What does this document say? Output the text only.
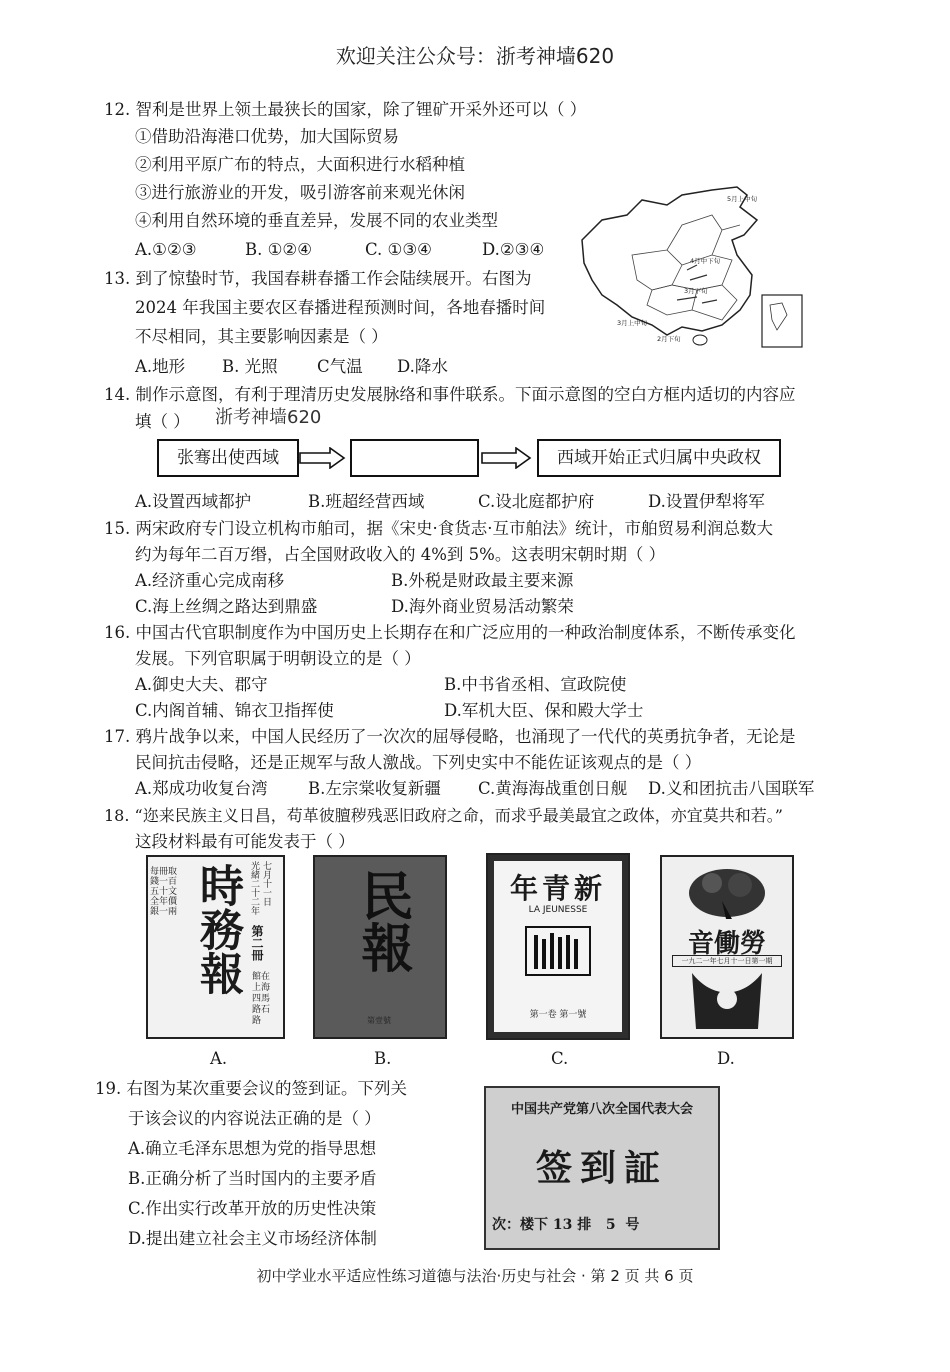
欢迎关注公众号：浙考神墙620
12. 智利是世界上领土最狭长的国家，除了锂矿开采外还可以（ ）
①借助沿海港口优势，加大国际贸易
②利用平原广布的特点，大面积进行水稻种植
③进行旅游业的开发，吸引游客前来观光休闲
④利用自然环境的垂直差异，发展不同的农业类型
A.①②③	B. ①②④	C. ①③④	D.②③④
5月上中旬
4月中下旬
3月下旬
3月上中旬
2月下旬
13. 到了惊蛰时节，我国春耕春播工作会陆续展开。右图为
2024 年我国主要农区春播进程预测时间，各地春播时间
不尽相同，其主要影响因素是（ ）
A.地形 B. 光照 C气温 D.降水
14. 制作示意图，有利于理清历史发展脉络和事件联系。下面示意图的空白方框内适切的内容应
填（ ） 浙考神墙620
张骞出使西域	西域开始正式归属中央政权
A.设置西域都护	B.班超经营西域	C.设北庭都护府	D.设置伊犁将军
15. 两宋政府专门设立机构市舶司，据《宋史·食货志·互市舶法》统计，市舶贸易利润总数大
约为每年二百万缗，占全国财政收入的 4%到 5%。这表明宋朝时期（ ）
A.经济重心完成南移	B.外税是财政最主要来源
C.海上丝绸之路达到鼎盛	D.海外商业贸易活动繁荣
16. 中国古代官职制度作为中国历史上长期存在和广泛应用的一种政治制度体系，不断传承变化
发展。下列官职属于明朝设立的是（ ）
A.御史大夫、郡守	B.中书省丞相、宣政院使
C.内阁首辅、锦衣卫指挥使	D.军机大臣、保和殿大学士
17. 鸦片战争以来，中国人民经历了一次次的屈辱侵略，也涌现了一代代的英勇抗争者，无论是
民间抗击侵略，还是正规军与敌人激战。下列史实中不能佐证该观点的是（ ）
A.郑成功收复台湾 B.左宗棠收复新疆 C.黄海海战重创日舰 D.义和团抗击八国联军
18. “迩来民族主义日昌，苟革彼膻秽残恶旧政府之命，而求乎最美最宜之政体，亦宜莫共和若。”
这段材料最有可能发表于（ ）
每冊取錢一百五十文全年價銀一兩 時務報 光緒二十二年 七月十一日
第二冊
館在上海四馬路石路
民報
第壹號
新青年
LA JEUNESSE
第一卷 第一號
勞働音
一九二一年七月十一日第一期
A.	B.	C.	D.
19. 右图为某次重要会议的签到证。下列关
于该会议的内容说法正确的是（ ）
A.确立毛泽东思想为党的指导思想
B.正确分析了当时国内的主要矛盾
C.作出实行改革开放的历史性决策
D.提出建立社会主义市场经济体制
中国共产党第八次全国代表大会
签到証
次：楼下 13 排   5  号
初中学业水平适应性练习道德与法治·历史与社会 · 第 2 页 共 6 页
